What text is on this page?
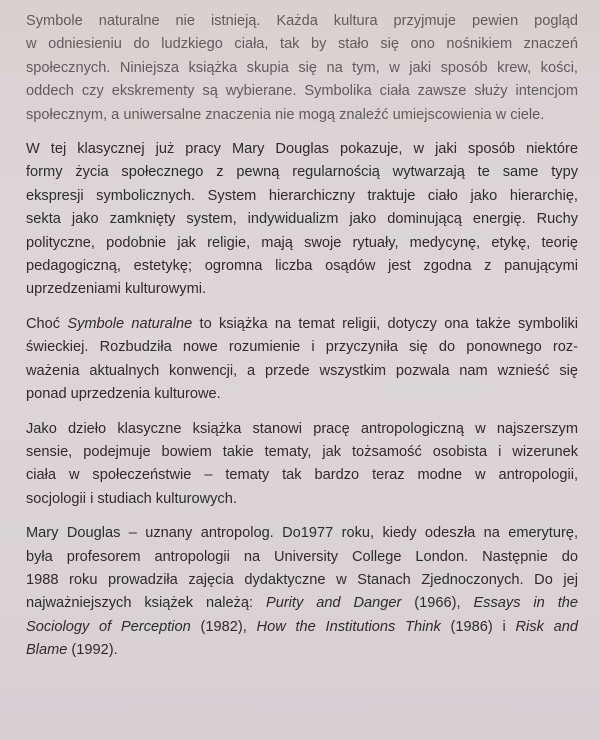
Symbole naturalne nie istnieją. Każda kultura przyjmuje pewien pogląd
w odniesieniu do ludzkiego ciała, tak by stało się ono nośnikiem znaczeń
społecznych. Niniejsza książka skupia się na tym, w jaki sposób krew, kości,
oddech czy ekskrementy są wybierane. Symbolika ciała zawsze służy intencjom
społecznym, a uniwersalne znaczenia nie mogą znaleźć umiejscowienia w ciele.

W tej klasycznej już pracy Mary Douglas pokazuje, w jaki sposób niektóre
formy życia społecznego z pewną regularnością wytwarzają te same typy
ekspresji symbolicznych. System hierarchiczny traktuje ciało jako hierarchię,
sekta jako zamknięty system, indywidualizm jako dominującą energię. Ruchy
polityczne, podobnie jak religie, mają swoje rytuały, medycynę, etykę, teorię
pedagogiczną, estetykę; ogromna liczba osądów jest zgodna z panującymi
uprzedzeniami kulturowymi.

Choć Symbole naturalne to książka na temat religii, dotyczy ona także symboliki
świeckiej. Rozbudziła nowe rozumienie i przyczyniła się do ponownego roz-
ważenia aktualnych konwencji, a przede wszystkim pozwala nam wznieść się
ponad uprzedzenia kulturowe.

Jako dzieło klasyczne książka stanowi pracę antropologiczną w najszerszym
sensie, podejmuje bowiem takie tematy, jak tożsamość osobista i wizerunek
ciała w społeczeństwie – tematy tak bardzo teraz modne w antropologii,
socjologii i studiach kulturowych.

Mary Douglas – uznany antropolog. Do1977 roku, kiedy odeszła na emeryturę,
była profesorem antropologii na University College London. Następnie do
1988 roku prowadziła zajęcia dydaktyczne w Stanach Zjednoczonych. Do jej
najważniejszych książek należą: Purity and Danger (1966), Essays in the
Sociology of Perception (1982), How the Institutions Think (1986) i Risk and
Blame (1992).
